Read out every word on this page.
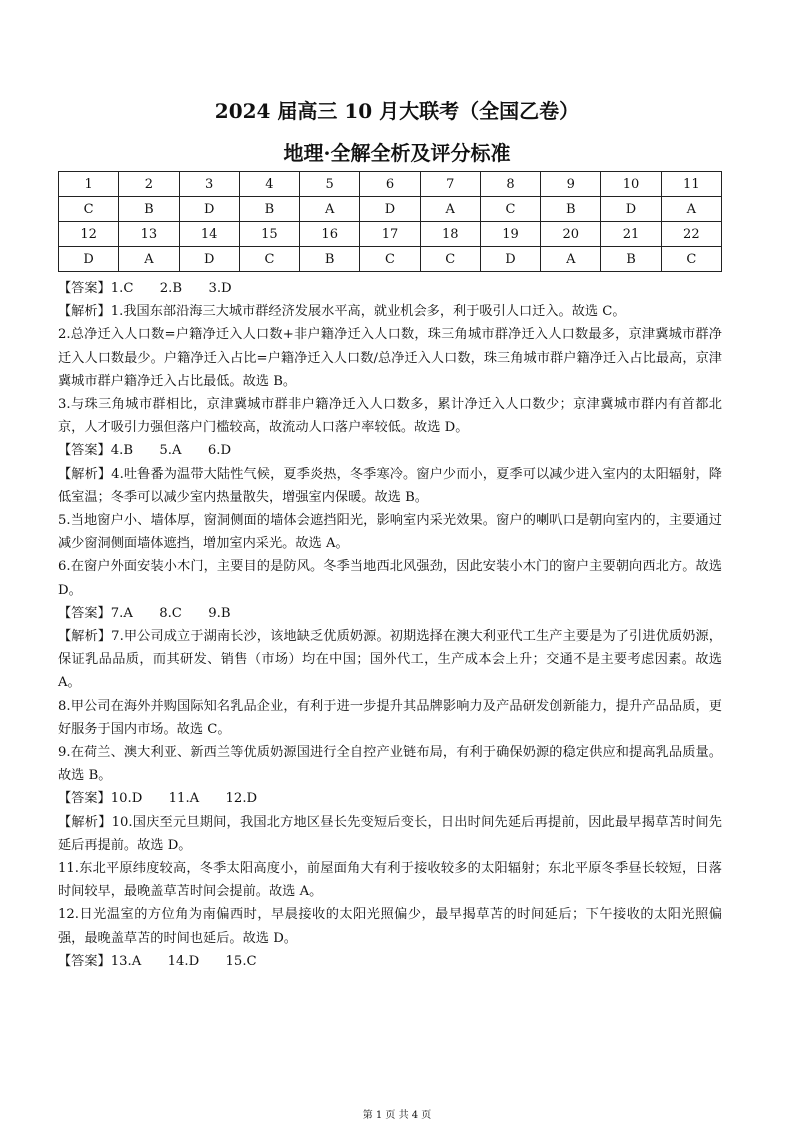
2024 届高三 10 月大联考（全国乙卷）
地理·全解全析及评分标准
1	2	3	4	5	6	7	8	9	10	11
C	B	D	B	A	D	A	C	B	D	A
12	13	14	15	16	17	18	19	20	21	22
D	A	D	C	B	C	C	D	A	B	C

【答案】1.C　　2.B　　3.D

【解析】1.我国东部沿海三大城市群经济发展水平高，就业机会多，利于吸引人口迁入。故选 C。

2.总净迁入人口数=户籍净迁入人口数+非户籍净迁入人口数，珠三角城市群净迁入人口数最多，京津冀城市群净迁入人口数最少。户籍净迁入占比=户籍净迁入人口数/总净迁入人口数，珠三角城市群户籍净迁入占比最高，京津冀城市群户籍净迁入占比最低。故选 B。

3.与珠三角城市群相比，京津冀城市群非户籍净迁入人口数多，累计净迁入人口数少；京津冀城市群内有首都北京，人才吸引力强但落户门槛较高，故流动人口落户率较低。故选 D。

【答案】4.B　　5.A　　6.D

【解析】4.吐鲁番为温带大陆性气候，夏季炎热，冬季寒冷。窗户少而小，夏季可以减少进入室内的太阳辐射，降低室温；冬季可以减少室内热量散失，增强室内保暖。故选 B。

5.当地窗户小、墙体厚，窗洞侧面的墙体会遮挡阳光，影响室内采光效果。窗户的喇叭口是朝向室内的，主要通过减少窗洞侧面墙体遮挡，增加室内采光。故选 A。

6.在窗户外面安装小木门，主要目的是防风。冬季当地西北风强劲，因此安装小木门的窗户主要朝向西北方。故选 D。

【答案】7.A　　8.C　　9.B

【解析】7.甲公司成立于湖南长沙，该地缺乏优质奶源。初期选择在澳大利亚代工生产主要是为了引进优质奶源，保证乳品品质，而其研发、销售（市场）均在中国；国外代工，生产成本会上升；交通不是主要考虑因素。故选 A。

8.甲公司在海外并购国际知名乳品企业，有利于进一步提升其品牌影响力及产品研发创新能力，提升产品品质，更好服务于国内市场。故选 C。

9.在荷兰、澳大利亚、新西兰等优质奶源国进行全自控产业链布局，有利于确保奶源的稳定供应和提高乳品质量。故选 B。

【答案】10.D　　11.A　　12.D

【解析】10.国庆至元旦期间，我国北方地区昼长先变短后变长，日出时间先延后再提前，因此最早揭草苫时间先延后再提前。故选 D。

11.东北平原纬度较高，冬季太阳高度小，前屋面角大有利于接收较多的太阳辐射；东北平原冬季昼长较短，日落时间较早，最晚盖草苫时间会提前。故选 A。

12.日光温室的方位角为南偏西时，早晨接收的太阳光照偏少，最早揭草苫的时间延后；下午接收的太阳光照偏强，最晚盖草苫的时间也延后。故选 D。

【答案】13.A　　14.D　　15.C

第 1 页 共 4 页
